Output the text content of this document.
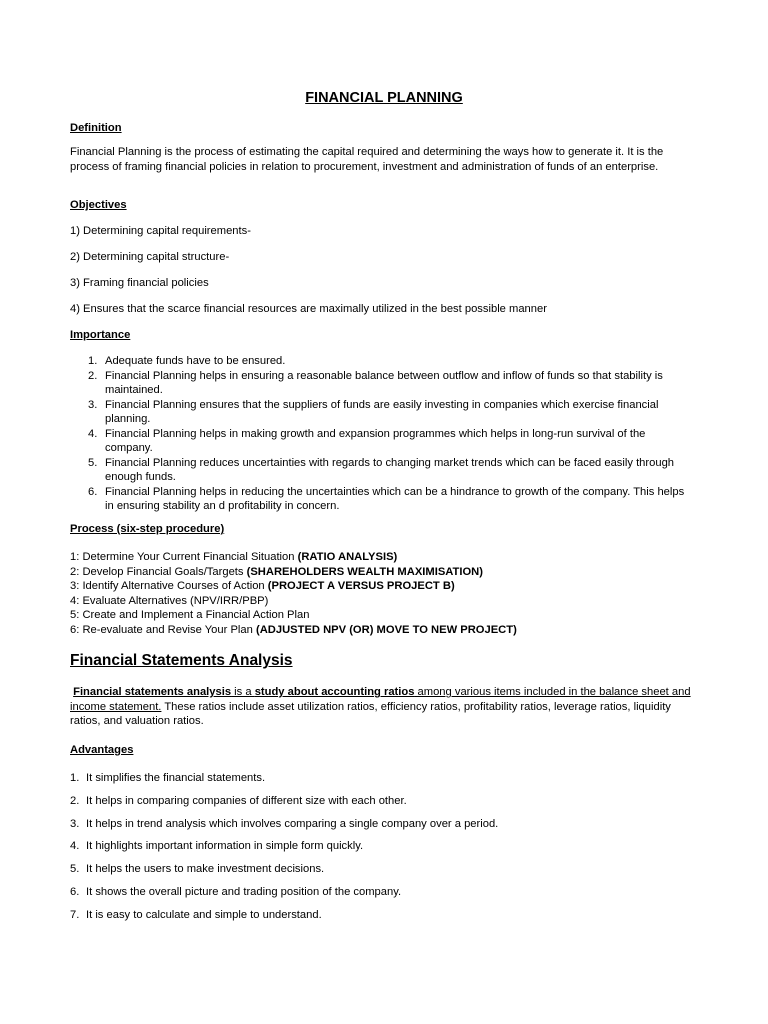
FINANCIAL PLANNING

Definition

Financial Planning is the process of estimating the capital required and determining the ways how to generate it. It is the process of framing financial policies in relation to procurement, investment and administration of funds of an enterprise.

Objectives

1) Determining capital requirements-

2) Determining capital structure-

3) Framing financial policies

4) Ensures that the scarce financial resources are maximally utilized in the best possible manner

Importance

1. Adequate funds have to be ensured.
2. Financial Planning helps in ensuring a reasonable balance between outflow and inflow of funds so that stability is maintained.
3. Financial Planning ensures that the suppliers of funds are easily investing in companies which exercise financial planning.
4. Financial Planning helps in making growth and expansion programmes which helps in long-run survival of the company.
5. Financial Planning reduces uncertainties with regards to changing market trends which can be faced easily through enough funds.
6. Financial Planning helps in reducing the uncertainties which can be a hindrance to growth of the company. This helps in ensuring stability an d profitability in concern.

Process (six-step procedure)

1: Determine Your Current Financial Situation (RATIO ANALYSIS)
2: Develop Financial Goals/Targets (SHAREHOLDERS WEALTH MAXIMISATION)
3: Identify Alternative Courses of Action (PROJECT A VERSUS PROJECT B)
4: Evaluate Alternatives (NPV/IRR/PBP)
5: Create and Implement a Financial Action Plan
6: Re-evaluate and Revise Your Plan (ADJUSTED NPV (OR) MOVE TO NEW PROJECT)
Financial Statements Analysis

Financial statements analysis is a study about accounting ratios among various items included in the balance sheet and income statement. These ratios include asset utilization ratios, efficiency ratios, profitability ratios, leverage ratios, liquidity ratios, and valuation ratios.

Advantages

1. It simplifies the financial statements.
2. It helps in comparing companies of different size with each other.
3. It helps in trend analysis which involves comparing a single company over a period.
4. It highlights important information in simple form quickly.
5. It helps the users to make investment decisions.
6. It shows the overall picture and trading position of the company.
7. It is easy to calculate and simple to understand.
